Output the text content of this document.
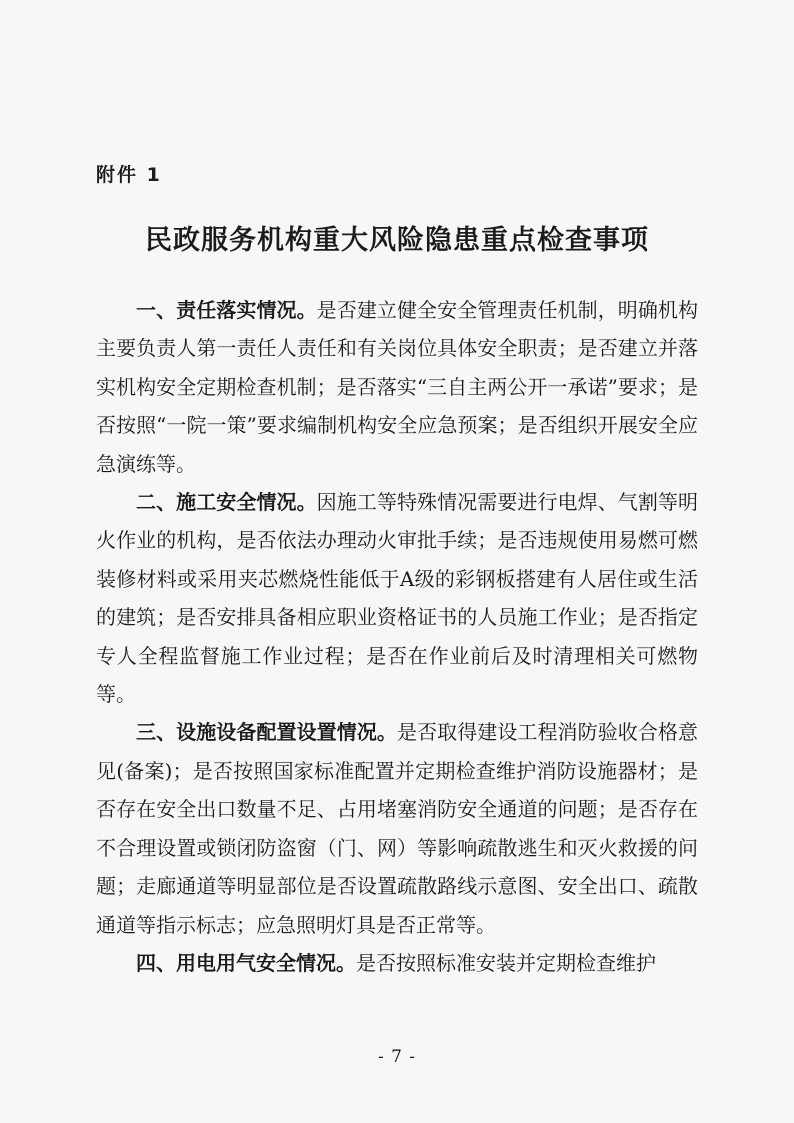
附件 1
民政服务机构重大风险隐患重点检查事项

一、责任落实情况。是否建立健全安全管理责任机制，明确机构主要负责人第一责任人责任和有关岗位具体安全职责；是否建立并落实机构安全定期检查机制；是否落实“三自主两公开一承诺”要求；是否按照“一院一策”要求编制机构安全应急预案；是否组织开展安全应急演练等。

二、施工安全情况。因施工等特殊情况需要进行电焊、气割等明火作业的机构，是否依法办理动火审批手续；是否违规使用易燃可燃装修材料或采用夹芯燃烧性能低于A级的彩钢板搭建有人居住或生活的建筑；是否安排具备相应职业资格证书的人员施工作业；是否指定专人全程监督施工作业过程；是否在作业前后及时清理相关可燃物等。

三、设施设备配置设置情况。是否取得建设工程消防验收合格意见(备案)；是否按照国家标准配置并定期检查维护消防设施器材；是否存在安全出口数量不足、占用堵塞消防安全通道的问题；是否存在不合理设置或锁闭防盗窗（门、网）等影响疏散逃生和灭火救援的问题；走廊通道等明显部位是否设置疏散路线示意图、安全出口、疏散通道等指示标志；应急照明灯具是否正常等。

四、用电用气安全情况。是否按照标准安装并定期检查维护

- 7 -
